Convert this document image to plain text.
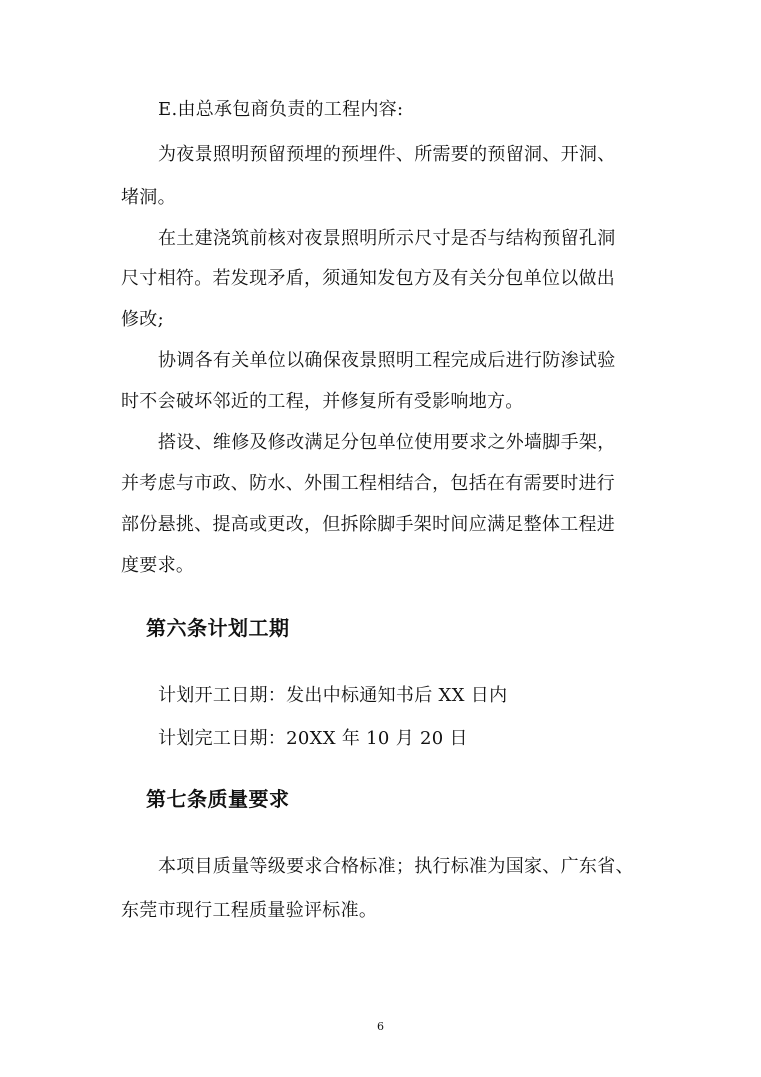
E.由总承包商负责的工程内容:
为夜景照明预留预埋的预埋件、所需要的预留洞、开洞、
堵洞。
在土建浇筑前核对夜景照明所示尺寸是否与结构预留孔洞
尺寸相符。若发现矛盾，须通知发包方及有关分包单位以做出
修改;
协调各有关单位以确保夜景照明工程完成后进行防渗试验
时不会破坏邻近的工程，并修复所有受影响地方。
搭设、维修及修改满足分包单位使用要求之外墙脚手架，
并考虑与市政、防水、外围工程相结合，包括在有需要时进行
部份悬挑、提高或更改，但拆除脚手架时间应满足整体工程进
度要求。
第六条计划工期
计划开工日期：发出中标通知书后 XX 日内
计划完工日期：20XX 年 10 月 20 日
第七条质量要求
本项目质量等级要求合格标准；执行标准为国家、广东省、
东莞市现行工程质量验评标准。
6
